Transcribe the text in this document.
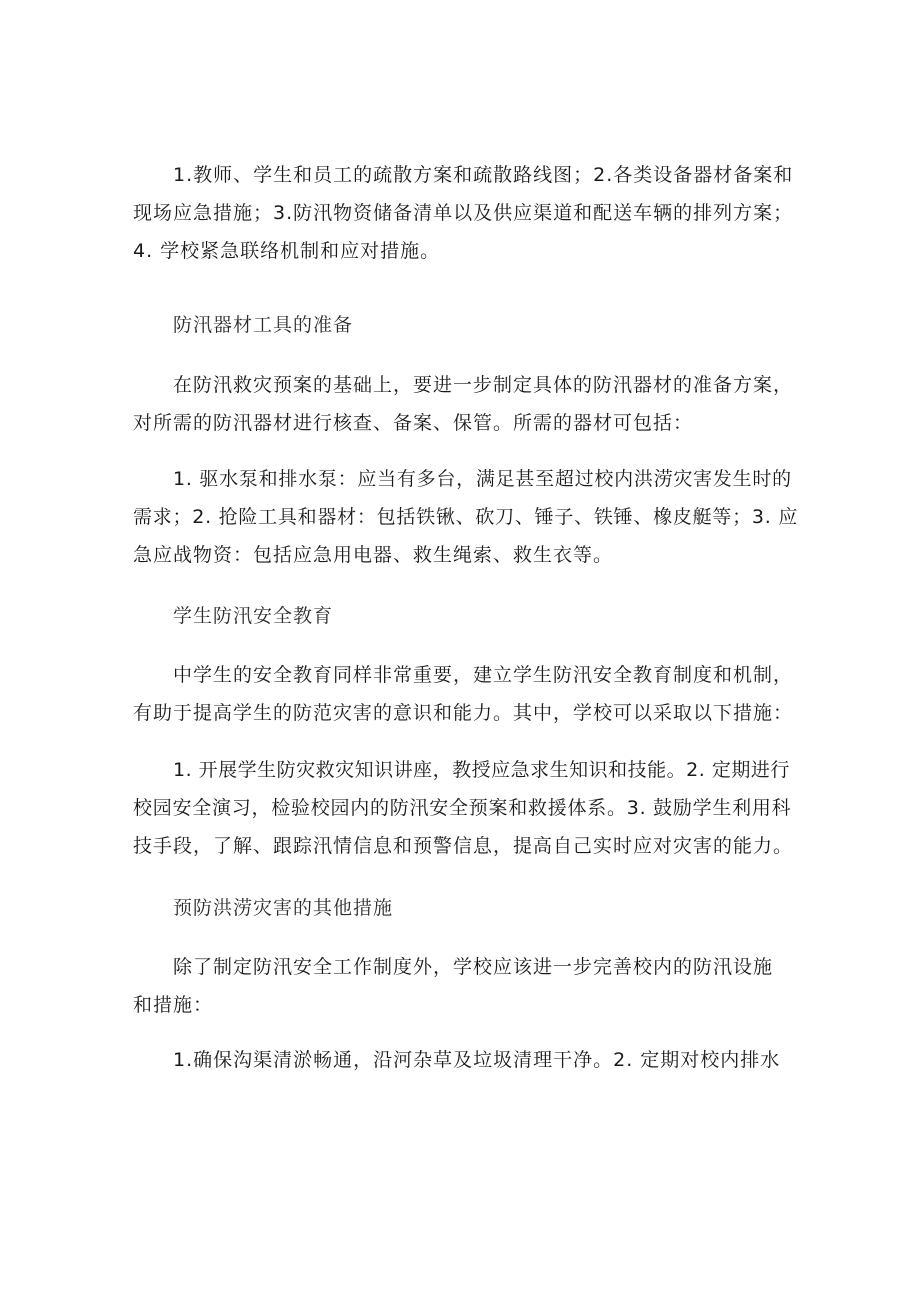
1.教师、学生和员工的疏散方案和疏散路线图；2.各类设备器材备案和
现场应急措施；3.防汛物资储备清单以及供应渠道和配送车辆的排列方案；
4. 学校紧急联络机制和应对措施。
防汛器材工具的准备
在防汛救灾预案的基础上，要进一步制定具体的防汛器材的准备方案，
对所需的防汛器材进行核查、备案、保管。所需的器材可包括：
1. 驱水泵和排水泵：应当有多台，满足甚至超过校内洪涝灾害发生时的
需求；2. 抢险工具和器材：包括铁锹、砍刀、锤子、铁锤、橡皮艇等；3. 应
急应战物资：包括应急用电器、救生绳索、救生衣等。
学生防汛安全教育
中学生的安全教育同样非常重要，建立学生防汛安全教育制度和机制，
有助于提高学生的防范灾害的意识和能力。其中，学校可以采取以下措施：
1. 开展学生防灾救灾知识讲座，教授应急求生知识和技能。2. 定期进行
校园安全演习，检验校园内的防汛安全预案和救援体系。3. 鼓励学生利用科
技手段，了解、跟踪汛情信息和预警信息，提高自己实时应对灾害的能力。
预防洪涝灾害的其他措施
除了制定防汛安全工作制度外，学校应该进一步完善校内的防汛设施
和措施：
1.确保沟渠清淤畅通，沿河杂草及垃圾清理干净。2. 定期对校内排水
